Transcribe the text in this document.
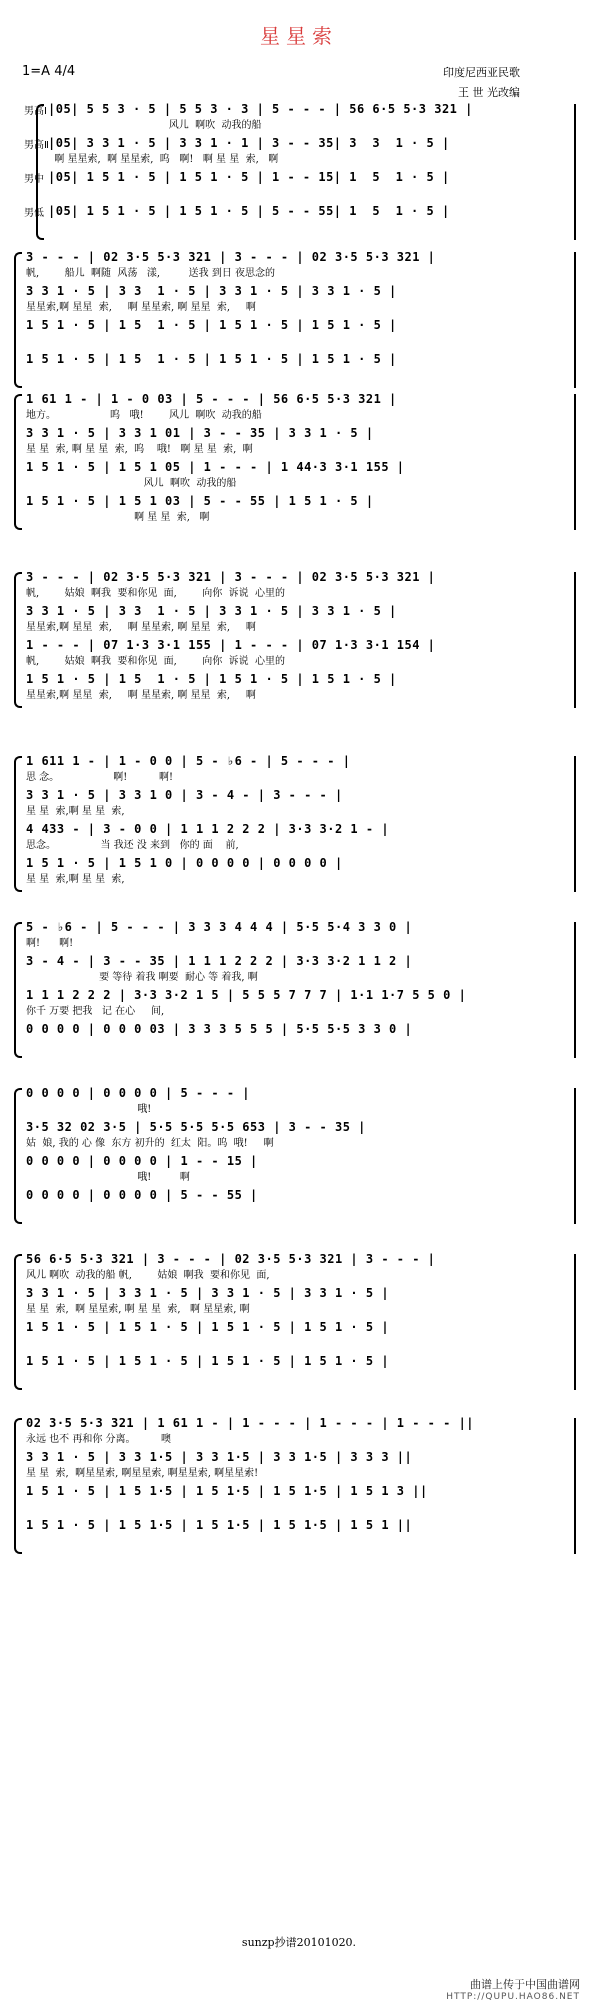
星星索
1=A 4/4	印度尼西亚民歌
王 世 光改编
|05| 5 5 3 · 5 | 5 5 3 · 3 | 5 - - - | 56 6·5 5·3 321 |
风儿  啊吹  动我的船
|05| 3 3 1 · 5 | 3 3 1 · 1 | 3 - - 35| 3  3  1 · 5 |
啊 星星索,  啊 星星索,  呜   啊!   啊 星 星  索,   啊
|05| 1 5 1 · 5 | 1 5 1 · 5 | 1 - - 15| 1  5  1 · 5 |
|05| 1 5 1 · 5 | 1 5 1 · 5 | 5 - - 55| 1  5  1 · 5 |
男高Ⅰ
男高Ⅱ
男中
男低
3 - - - | 02 3·5 5·3 321 | 3 - - - | 02 3·5 5·3 321 |
帆,        船儿  啊随  风荡   漾,         送我 到日 夜思念的
3 3 1 · 5 | 3 3  1 · 5 | 3 3 1 · 5 | 3 3 1 · 5 |
星星索,啊 星星  索,     啊 星星索, 啊 星星  索,     啊
1 5 1 · 5 | 1 5  1 · 5 | 1 5 1 · 5 | 1 5 1 · 5 |
1 5 1 · 5 | 1 5  1 · 5 | 1 5 1 · 5 | 1 5 1 · 5 |
1 61 1 - | 1 - 0 03 | 5 - - - | 56 6·5 5·3 321 |
地方。                 呜   哦!        风儿  啊吹  动我的船
3 3 1 · 5 | 3 3 1 01 | 3 - - 35 | 3 3 1 · 5 |
星 星  索, 啊 星 星  索,  呜    哦!   啊 星 星  索,  啊
1 5 1 · 5 | 1 5 1 05 | 1 - - - | 1 44·3 3·1 155 |
风儿  啊吹  动我的船
1 5 1 · 5 | 1 5 1 03 | 5 - - 55 | 1 5 1 · 5 |
啊 星 星  索,   啊
3 - - - | 02 3·5 5·3 321 | 3 - - - | 02 3·5 5·3 321 |
帆,        姑娘  啊我  要和你见  面,        向你  诉说  心里的
3 3 1 · 5 | 3 3  1 · 5 | 3 3 1 · 5 | 3 3 1 · 5 |
星星索,啊 星星  索,     啊 星星索, 啊 星星  索,     啊
1 - - - | 07 1·3 3·1 155 | 1 - - - | 07 1·3 3·1 154 |
帆,        姑娘  啊我  要和你见  面,        向你  诉说  心里的
1 5 1 · 5 | 1 5  1 · 5 | 1 5 1 · 5 | 1 5 1 · 5 |
星星索,啊 星星  索,     啊 星星索, 啊 星星  索,     啊
1 611 1 - | 1 - 0 0 | 5 - ♭6 - | 5 - - - |
思 念。                 啊!          啊!
3 3 1 · 5 | 3 3 1 0 | 3 - 4 - | 3 - - - |
星 星  索,啊 星 星  索,
4 433 - | 3 - 0 0 | 1 1 1 2 2 2 | 3·3 3·2 1 - |
思念。              当 我还 没 来到   你的 面    前,
1 5 1 · 5 | 1 5 1 0 | 0 0 0 0 | 0 0 0 0 |
星 星  索,啊 星 星  索,
5 - ♭6 - | 5 - - - | 3 3 3 4 4 4 | 5·5 5·4 3 3 0 |
啊!      啊!
3 - 4 - | 3 - - 35 | 1 1 1 2 2 2 | 3·3 3·2 1 1 2 |
要 等待 着我 啊要  耐心 等 着我, 啊
1 1 1 2 2 2 | 3·3 3·2 1 5 | 5 5 5 7 7 7 | 1·1 1·7 5 5 0 |
你千 万要 把我   记 在心     间,
0 0 0 0 | 0 0 0 03 | 3 3 3 5 5 5 | 5·5 5·5 3 3 0 |
0 0 0 0 | 0 0 0 0 | 5 - - - |
哦!
3·5 32 02 3·5 | 5·5 5·5 5·5 653 | 3 - - 35 |
姑  娘, 我的 心 像  东方 初升的  红太  阳。呜  哦!     啊
0 0 0 0 | 0 0 0 0 | 1 - - 15 |
哦!         啊
0 0 0 0 | 0 0 0 0 | 5 - - 55 |
56 6·5 5·3 321 | 3 - - - | 02 3·5 5·3 321 | 3 - - - |
风儿 啊吹  动我的船 帆,        姑娘  啊我  要和你见  面,
3 3 1 · 5 | 3 3 1 · 5 | 3 3 1 · 5 | 3 3 1 · 5 |
星 星  索,  啊 星星索, 啊 星 星  索,   啊 星星索, 啊
1 5 1 · 5 | 1 5 1 · 5 | 1 5 1 · 5 | 1 5 1 · 5 |
1 5 1 · 5 | 1 5 1 · 5 | 1 5 1 · 5 | 1 5 1 · 5 |
02 3·5 5·3 321 | 1 61 1 - | 1 - - - | 1 - - - | 1 - - - ||
永远 也不 再和你 分离。        噢
3 3 1 · 5 | 3 3 1·5 | 3 3 1·5 | 3 3 1·5 | 3 3 3 ||
星 星  索,  啊星星索, 啊星星索, 啊星星索, 啊星星索!
1 5 1 · 5 | 1 5 1·5 | 1 5 1·5 | 1 5 1·5 | 1 5 1 3 ||
1 5 1 · 5 | 1 5 1·5 | 1 5 1·5 | 1 5 1·5 | 1 5 1 ||
sunzp抄谱20101020.
曲谱上传于中国曲谱网
HTTP://QUPU.HAO86.NET
